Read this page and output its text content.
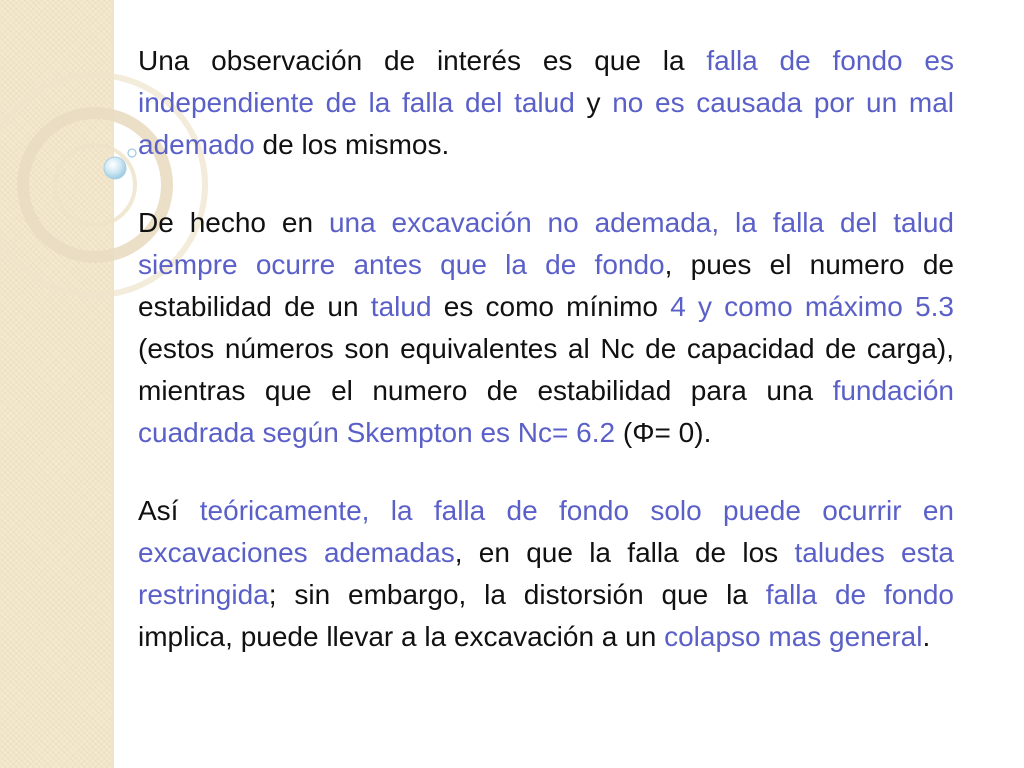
Una observación de interés es que la falla de fondo es independiente de la falla del talud y no es causada por un mal ademado de los mismos.

De hecho en una excavación no ademada, la falla del talud siempre ocurre antes que la de fondo, pues el numero de estabilidad de un talud es como mínimo 4 y como máximo 5.3 (estos números son equivalentes al Nc de capacidad de carga), mientras que el numero de estabilidad para una fundación cuadrada según Skempton es Nc= 6.2 (Φ= 0).

Así teóricamente, la falla de fondo solo puede ocurrir en excavaciones ademadas, en que la falla de los taludes esta restringida; sin embargo, la distorsión que la falla de fondo implica, puede llevar a la excavación a un colapso mas general.
